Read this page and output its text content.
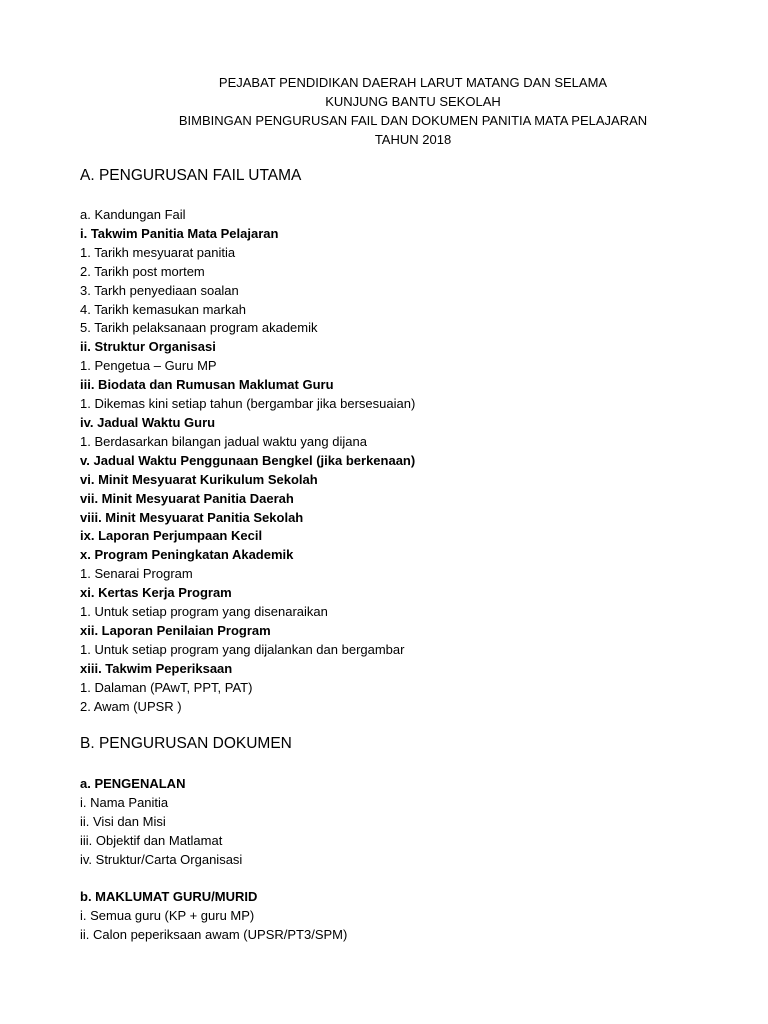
PEJABAT PENDIDIKAN DAERAH LARUT MATANG DAN SELAMA
KUNJUNG BANTU SEKOLAH
BIMBINGAN PENGURUSAN FAIL DAN DOKUMEN PANITIA MATA PELAJARAN
TAHUN 2018
A. PENGURUSAN FAIL UTAMA
a. Kandungan Fail
i. Takwim Panitia Mata Pelajaran
1. Tarikh mesyuarat panitia
2. Tarikh post mortem
3. Tarkh penyediaan soalan
4. Tarikh kemasukan markah
5. Tarikh pelaksanaan program akademik
ii. Struktur Organisasi
1. Pengetua – Guru MP
iii. Biodata dan Rumusan Maklumat Guru
1. Dikemas kini setiap tahun (bergambar jika bersesuaian)
iv. Jadual Waktu Guru
1. Berdasarkan bilangan jadual waktu yang dijana
v. Jadual Waktu Penggunaan Bengkel (jika berkenaan)
vi. Minit Mesyuarat Kurikulum Sekolah
vii. Minit Mesyuarat Panitia Daerah
viii. Minit Mesyuarat Panitia Sekolah
ix. Laporan Perjumpaan Kecil
x. Program Peningkatan Akademik
1. Senarai Program
xi. Kertas Kerja Program
1. Untuk setiap program yang disenaraikan
xii. Laporan Penilaian Program
1. Untuk setiap program yang dijalankan dan bergambar
xiii. Takwim Peperiksaan
1. Dalaman (PAwT, PPT, PAT)
2. Awam (UPSR )
B. PENGURUSAN DOKUMEN
a. PENGENALAN
i. Nama Panitia
ii. Visi dan Misi
iii. Objektif dan Matlamat
iv. Struktur/Carta Organisasi
b. MAKLUMAT GURU/MURID
i. Semua guru (KP + guru MP)
ii. Calon peperiksaan awam (UPSR/PT3/SPM)
